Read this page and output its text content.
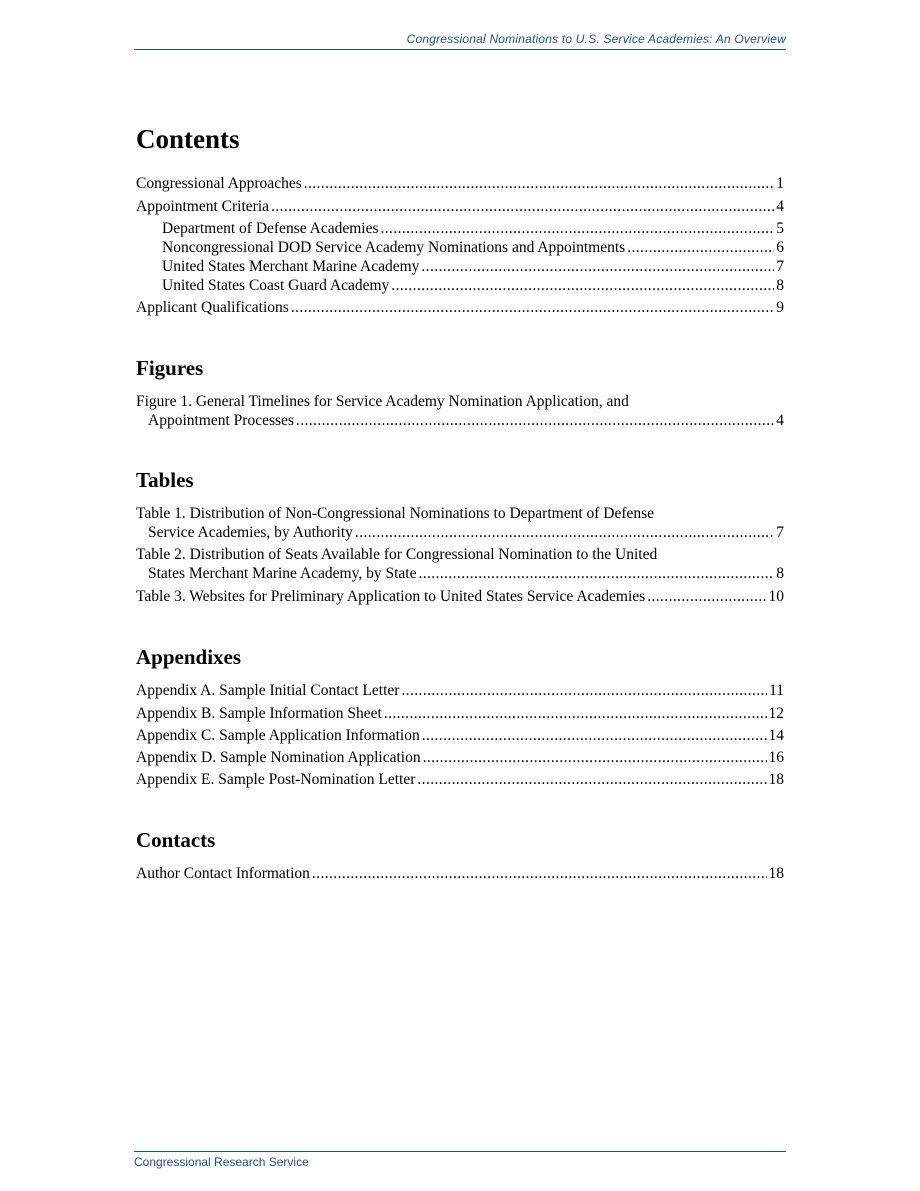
Congressional Nominations to U.S. Service Academies: An Overview
Contents
Congressional Approaches .....	1
Appointment Criteria .....	4
Department of Defense Academies .....	5
Noncongressional DOD Service Academy Nominations and Appointments .....	6
United States Merchant Marine Academy .....	7
United States Coast Guard Academy .....	8
Applicant Qualifications .....	9
Figures
Figure 1. General Timelines for Service Academy Nomination Application, and
Appointment Processes .....	4
Tables
Table 1. Distribution of Non-Congressional Nominations to Department of Defense
Service Academies, by Authority .....	7
Table 2. Distribution of Seats Available for Congressional Nomination to the United
States Merchant Marine Academy, by State .....	8
Table 3. Websites for Preliminary Application to United States Service Academies .....	10
Appendixes
Appendix A. Sample Initial Contact Letter .....	11
Appendix B. Sample Information Sheet .....	12
Appendix C. Sample Application Information .....	14
Appendix D. Sample Nomination Application .....	16
Appendix E. Sample Post-Nomination Letter .....	18
Contacts
Author Contact Information .....	18
Congressional Research Service
